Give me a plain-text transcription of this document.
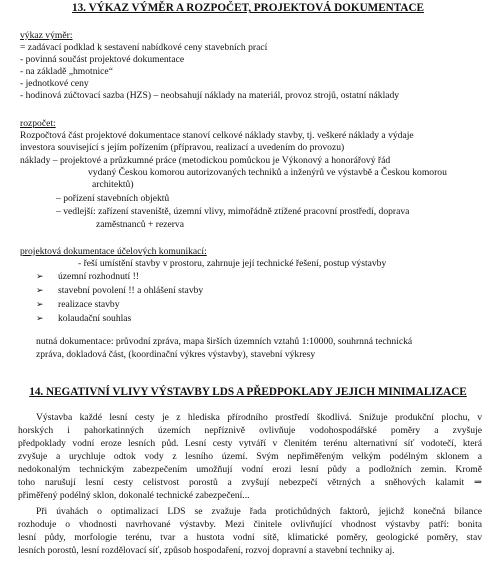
13. VÝKAZ VÝMĚR A ROZPOČET, PROJEKTOVÁ DOKUMENTACE
výkaz výměr:
= zadávací podklad k sestavení nabídkové ceny stavebních prací
- povinná součást projektové dokumentace
- na základě „hmotnice“
- jednotkové ceny
- hodinová zúčtovací sazba (HZS) – neobsahují náklady na materiál, provoz strojů, ostatní náklady
rozpočet:
Rozpočtová část projektové dokumentace stanoví celkové náklady stavby, tj. veškeré náklady a výdaje
investora související s jejím pořízením (přípravou, realizací a uvedením do provozu)
náklady – projektové a průzkumné práce (metodickou pomůckou je Výkonový a honorářový řád
vydaný Českou komorou autorizovaných techniků a inženýrů ve výstavbě a Českou komorou
architektů)
– pořízení stavebních objektů
– vedlejší: zařízení staveniště, územní vlivy, mimořádně ztížené pracovní prostředí, doprava
zaměstnanců + rezerva
projektová dokumentace účelových komunikací:
- řeší umístění stavby v prostoru, zahrnuje její technické řešení, postup výstavby
➢ územní rozhodnutí !!
➢ stavební povolení !! a ohlášení stavby
➢ realizace stavby
➢ kolaudační souhlas
nutná dokumentace: průvodní zpráva, mapa širších územních vztahů 1:10000, souhrnná technická
zpráva, dokladová část, (koordinační výkres výstavby), stavební výkresy
14. NEGATIVNÍ VLIVY VÝSTAVBY LDS A PŘEDPOKLADY JEJICH MINIMALIZACE
Výstavba každé lesní cesty je z hlediska přírodního prostředí škodlivá. Snižuje produkční plochu, v
horských i pahorkatinných územích nepříznivě ovlivňuje vodohospodářské poměry a zvyšuje
předpoklady vodní eroze lesních půd. Lesní cesty vytváří v členitém terénu alternativní síť vodotečí, která
zvyšuje a urychluje odtok vody z lesního území. Svým nepřiměřeným velkým podélným sklonem a
nedokonalým technickým zabezpečením umožňují vodní erozi lesní půdy a podložních zemin. Kromě
toho narušují lesní cesty celistvost porostů a zvyšují nebezpečí větrných a sněhových kalamit ⇒
přiměřený podélný sklon, dokonalé technické zabezpečení...
Při úvahách o optimalizaci LDS se zvažuje řada protichůdných faktorů, jejichž konečná bilance
rozhoduje o vhodnosti navrhované výstavby. Mezi činitele ovlivňující vhodnost výstavby patří: bonita
lesní půdy, morfologie terénu, tvar a hustota vodní sítě, klimatické poměry, geologické poměry, stav
lesních porostů, lesní rozdělovací síť, způsob hospodaření, rozvoj dopravní a stavební techniky aj.
